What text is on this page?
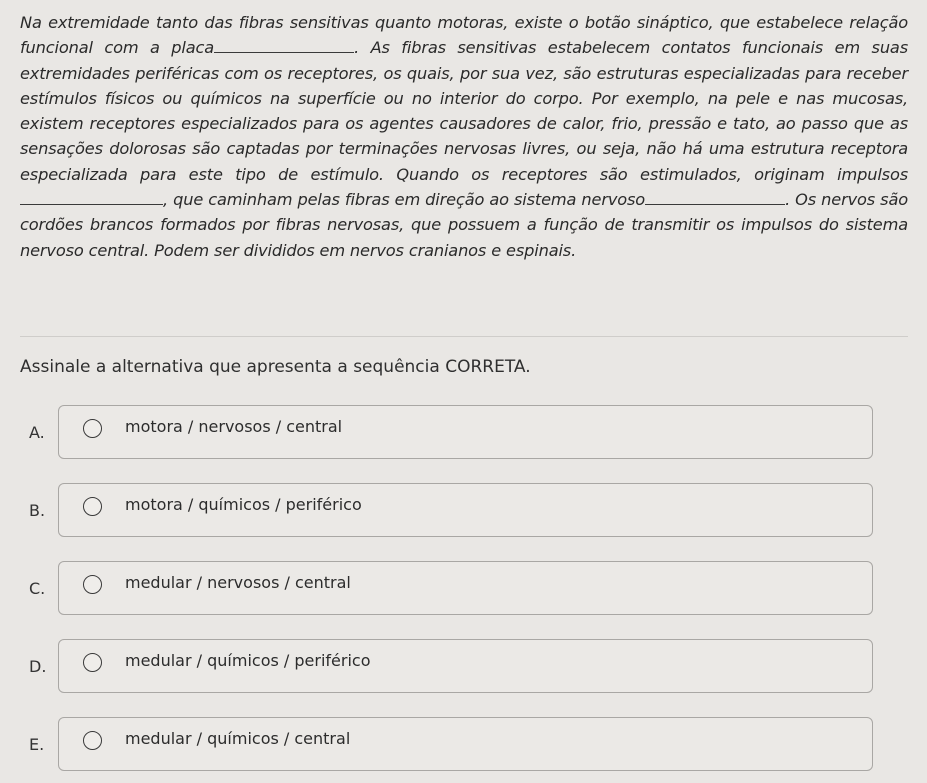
Na extremidade tanto das fibras sensitivas quanto motoras, existe o botão sináptico, que estabelece relação funcional com a placa	. As fibras sensitivas estabelecem contatos funcionais em suas extremidades periféricas com os receptores, os quais, por sua vez, são estruturas especializadas para receber estímulos físicos ou químicos na superfície ou no interior do corpo. Por exemplo, na pele e nas mucosas, existem receptores especializados para os agentes causadores de calor, frio, pressão e tato, ao passo que as sensações dolorosas são captadas por terminações nervosas livres, ou seja, não há uma estrutura receptora especializada para este tipo de estímulo. Quando os receptores são estimulados, originam impulsos, que caminham pelas fibras em direção ao sistema nervoso	. Os nervos são cordões brancos formados por fibras nervosas, que possuem a função de transmitir os impulsos do sistema nervoso central. Podem ser divididos em nervos cranianos e espinais.

Assinale a alternativa que apresenta a sequência CORRETA.
A.	motora / nervosos / central
B.	motora / químicos / periférico
C.	medular / nervosos / central
D.	medular / químicos / periférico
E.	medular / químicos / central
